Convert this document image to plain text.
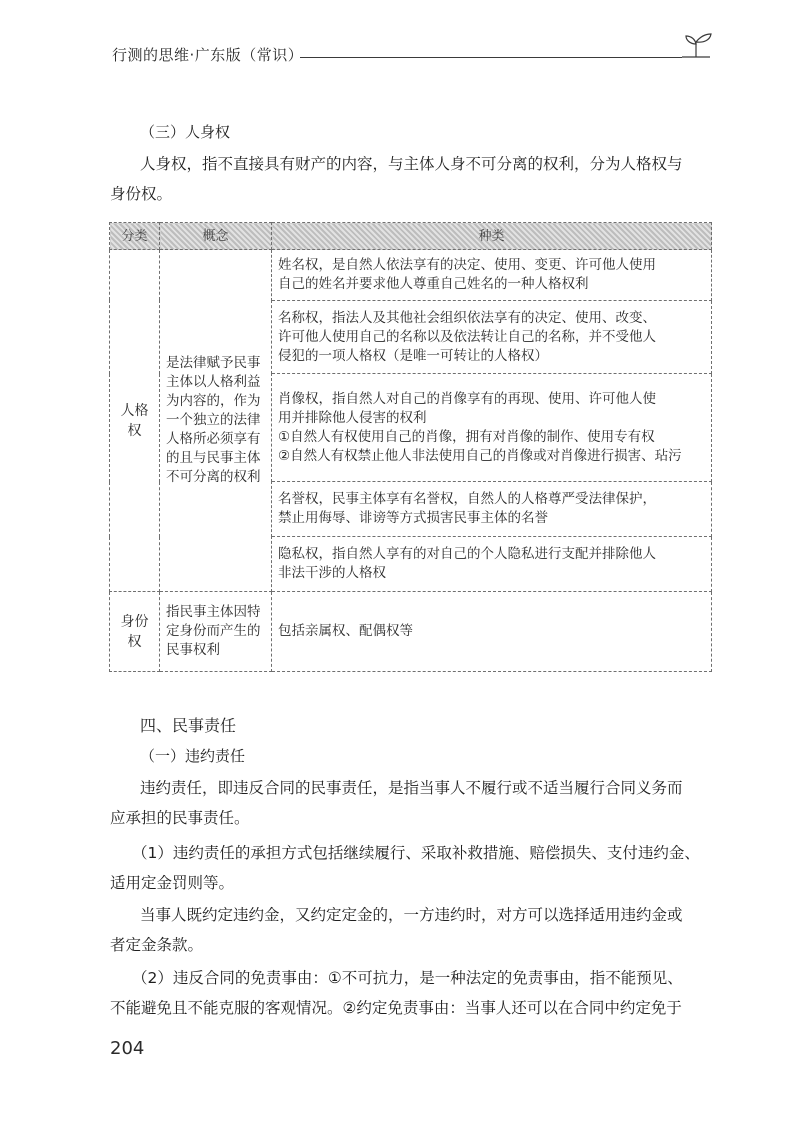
行测的思维·广东版（常识）
（三）人身权
人身权，指不直接具有财产的内容，与主体人身不可分离的权利，分为人格权与
身份权。
分类	概念	种类
人格权	是法律赋予民事主体以人格利益为内容的，作为一个独立的法律人格所必须享有的且与民事主体不可分离的权利	姓名权，是自然人依法享有的决定、使用、变更、许可他人使用
自己的姓名并要求他人尊重自己姓名的一种人格权利

		名称权，指法人及其他社会组织依法享有的决定、使用、改变、
许可他人使用自己的名称以及依法转让自己的名称，并不受他人
侵犯的一项人格权（是唯一可转让的人格权）

		肖像权，指自然人对自己的肖像享有的再现、使用、许可他人使
用并排除他人侵害的权利
①自然人有权使用自己的肖像，拥有对肖像的制作、使用专有权
②自然人有权禁止他人非法使用自己的肖像或对肖像进行损害、玷污

		名誉权，民事主体享有名誉权，自然人的人格尊严受法律保护，
禁止用侮辱、诽谤等方式损害民事主体的名誉

		隐私权，指自然人享有的对自己的个人隐私进行支配并排除他人
非法干涉的人格权

身份权	指民事主体因特定身份而产生的民事权利	包括亲属权、配偶权等
四、民事责任
（一）违约责任
违约责任，即违反合同的民事责任，是指当事人不履行或不适当履行合同义务而
应承担的民事责任。
（1）违约责任的承担方式包括继续履行、采取补救措施、赔偿损失、支付违约金、
适用定金罚则等。
当事人既约定违约金，又约定定金的，一方违约时，对方可以选择适用违约金或
者定金条款。
（2）违反合同的免责事由：①不可抗力，是一种法定的免责事由，指不能预见、
不能避免且不能克服的客观情况。②约定免责事由：当事人还可以在合同中约定免于
204
